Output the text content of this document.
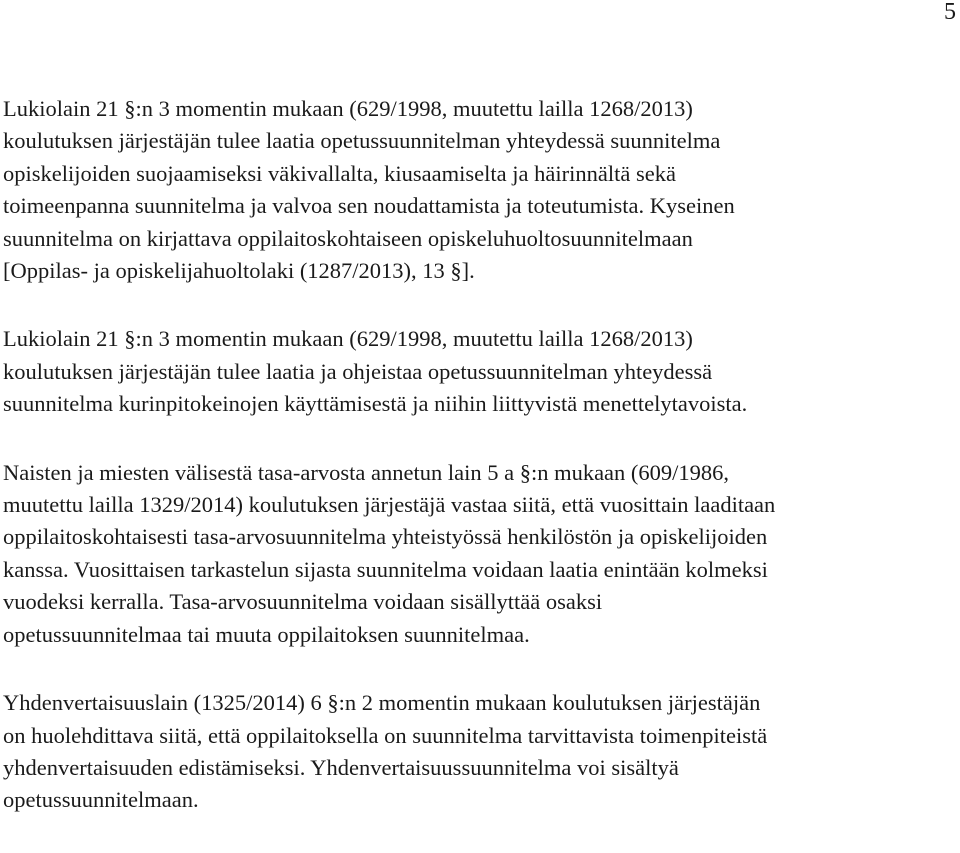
5

Lukiolain 21 §:n 3 momentin mukaan (629/1998, muutettu lailla 1268/2013)
koulutuksen järjestäjän tulee laatia opetussuunnitelman yhteydessä suunnitelma
opiskelijoiden suojaamiseksi väkivallalta, kiusaamiselta ja häirinnältä sekä
toimeenpanna suunnitelma ja valvoa sen noudattamista ja toteutumista. Kyseinen
suunnitelma on kirjattava oppilaitoskohtaiseen opiskeluhuoltosuunnitelmaan
[Oppilas- ja opiskelijahuoltolaki (1287/2013), 13 §].

Lukiolain 21 §:n 3 momentin mukaan (629/1998, muutettu lailla 1268/2013)
koulutuksen järjestäjän tulee laatia ja ohjeistaa opetussuunnitelman yhteydessä
suunnitelma kurinpitokeinojen käyttämisestä ja niihin liittyvistä menettelytavoista.

Naisten ja miesten välisestä tasa-arvosta annetun lain 5 a §:n mukaan (609/1986,
muutettu lailla 1329/2014) koulutuksen järjestäjä vastaa siitä, että vuosittain laaditaan
oppilaitoskohtaisesti tasa-arvosuunnitelma yhteistyössä henkilöstön ja opiskelijoiden
kanssa. Vuosittaisen tarkastelun sijasta suunnitelma voidaan laatia enintään kolmeksi
vuodeksi kerralla. Tasa-arvosuunnitelma voidaan sisällyttää osaksi
opetussuunnitelmaa tai muuta oppilaitoksen suunnitelmaa.

Yhdenvertaisuuslain (1325/2014) 6 §:n 2 momentin mukaan koulutuksen järjestäjän
on huolehdittava siitä, että oppilaitoksella on suunnitelma tarvittavista toimenpiteistä
yhdenvertaisuuden edistämiseksi. Yhdenvertaisuussuunnitelma voi sisältyä
opetussuunnitelmaan.
